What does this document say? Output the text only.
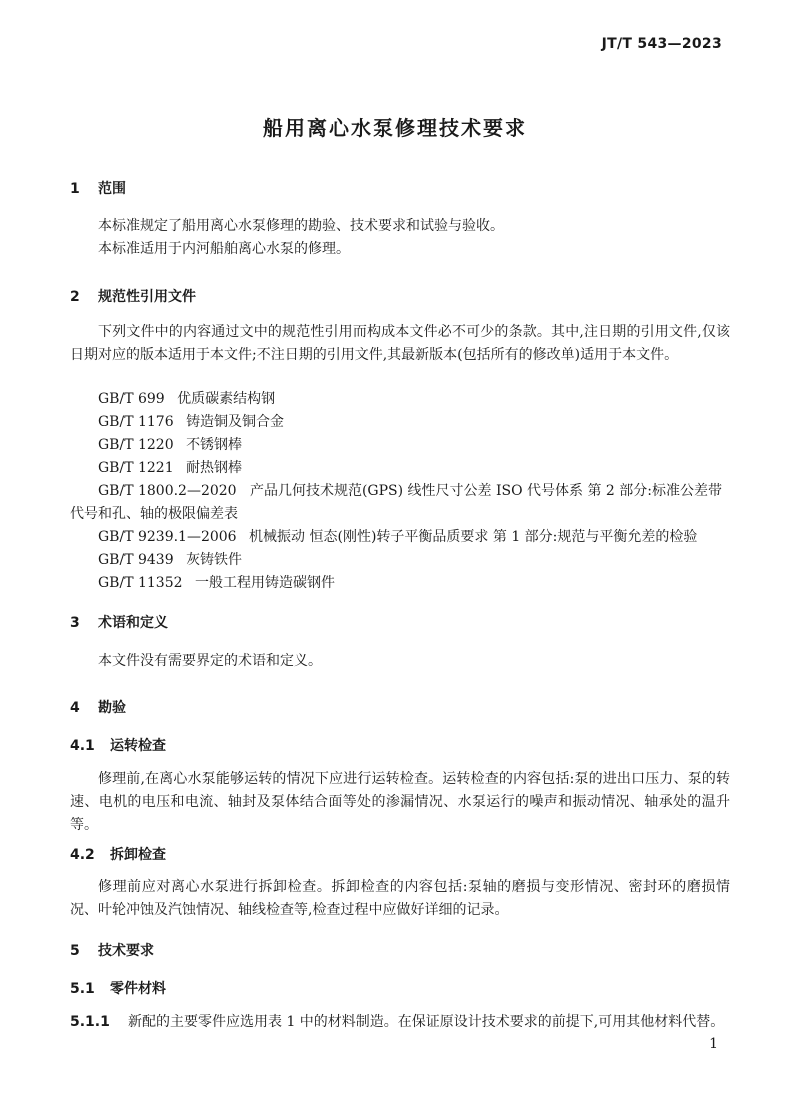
JT/T 543—2023
船用离心水泵修理技术要求
1 范围
本标准规定了船用离心水泵修理的勘验、技术要求和试验与验收。
本标准适用于内河船舶离心水泵的修理。
2 规范性引用文件
下列文件中的内容通过文中的规范性引用而构成本文件必不可少的条款。其中,注日期的引用文件,仅该日期对应的版本适用于本文件;不注日期的引用文件,其最新版本(包括所有的修改单)适用于本文件。
GB/T 699 优质碳素结构钢
GB/T 1176 铸造铜及铜合金
GB/T 1220 不锈钢棒
GB/T 1221 耐热钢棒
GB/T 1800.2—2020 产品几何技术规范(GPS) 线性尺寸公差 ISO 代号体系 第 2 部分:标准公差带代号和孔、轴的极限偏差表
GB/T 9239.1—2006 机械振动 恒态(刚性)转子平衡品质要求 第 1 部分:规范与平衡允差的检验
GB/T 9439 灰铸铁件
GB/T 11352 一般工程用铸造碳钢件
3 术语和定义
本文件没有需要界定的术语和定义。
4 勘验
4.1 运转检查
修理前,在离心水泵能够运转的情况下应进行运转检查。运转检查的内容包括:泵的进出口压力、泵的转速、电机的电压和电流、轴封及泵体结合面等处的渗漏情况、水泵运行的噪声和振动情况、轴承处的温升等。
4.2 拆卸检查
修理前应对离心水泵进行拆卸检查。拆卸检查的内容包括:泵轴的磨损与变形情况、密封环的磨损情况、叶轮冲蚀及汽蚀情况、轴线检查等,检查过程中应做好详细的记录。
5 技术要求
5.1 零件材料
5.1.1 新配的主要零件应选用表 1 中的材料制造。在保证原设计技术要求的前提下,可用其他材料代替。
1
